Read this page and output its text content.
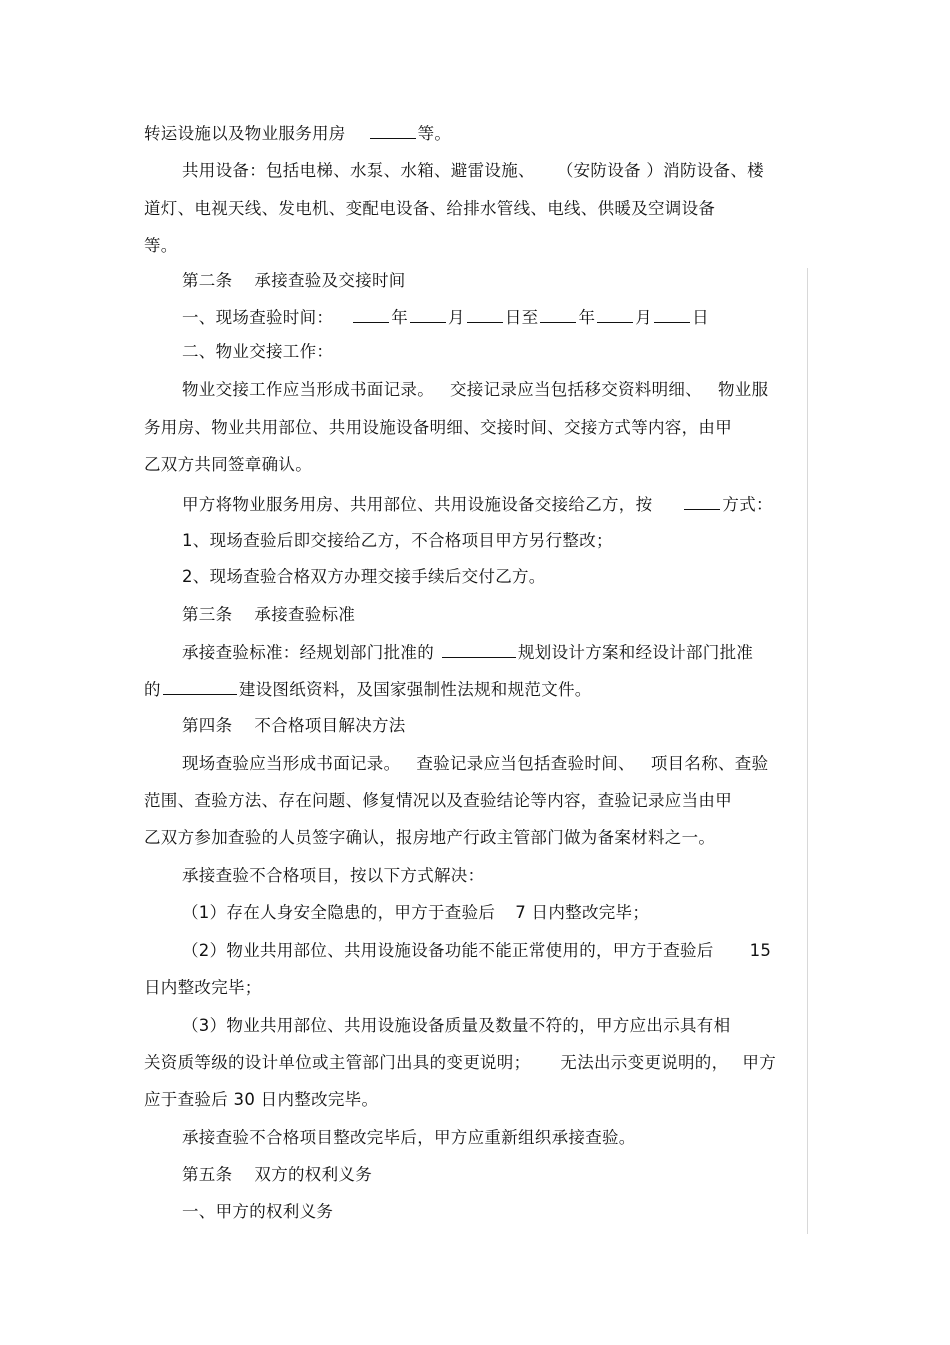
转运设施以及物业服务用房	等。
共用设备：包括电梯、水泵、水箱、避雷设施、 （安防设备 ）消防设备、楼
道灯、电视天线、发电机、变配电设备、给排水管线、电线、供暖及空调设备
等。
第二条 承接查验及交接时间
一、现场查验时间：	年 月 日至 年 月 日
二、物业交接工作：
物业交接工作应当形成书面记录。 交接记录应当包括移交资料明细、 物业服
务用房、物业共用部位、共用设施设备明细、交接时间、交接方式等内容，由甲
乙双方共同签章确认。
甲方将物业服务用房、共用部位、共用设施设备交接给乙方，按	方式：
1、现场查验后即交接给乙方，不合格项目甲方另行整改；
2、现场查验合格双方办理交接手续后交付乙方。
第三条 承接查验标准
承接查验标准：经规划部门批准的	规划设计方案和经设计部门批准
的	建设图纸资料，及国家强制性法规和规范文件。
第四条 不合格项目解决方法
现场查验应当形成书面记录。 查验记录应当包括查验时间、 项目名称、查验
范围、查验方法、存在问题、修复情况以及查验结论等内容，查验记录应当由甲
乙双方参加查验的人员签字确认，报房地产行政主管部门做为备案材料之一。
承接查验不合格项目，按以下方式解决：
（1）存在人身安全隐患的，甲方于查验后 7 日内整改完毕；
（2）物业共用部位、共用设施设备功能不能正常使用的，甲方于查验后 15
日内整改完毕；
（3）物业共用部位、共用设施设备质量及数量不符的，甲方应出示具有相
关资质等级的设计单位或主管部门出具的变更说明； 无法出示变更说明的， 甲方
应于查验后 30 日内整改完毕。
承接查验不合格项目整改完毕后，甲方应重新组织承接查验。
第五条 双方的权利义务
一、甲方的权利义务
